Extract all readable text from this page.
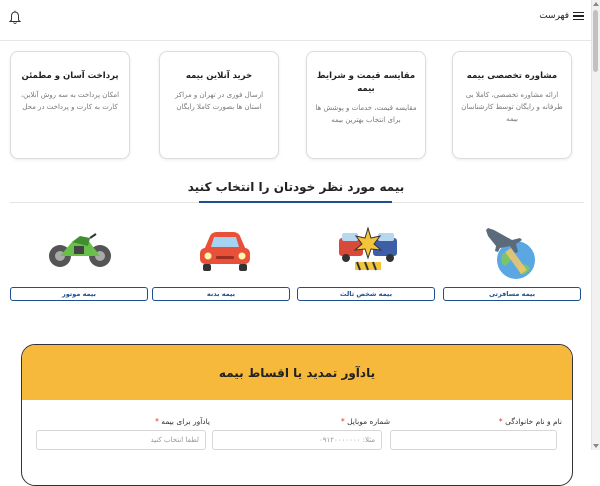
فهرست
مشاوره تخصصی بیمه
ارائه مشاوره تخصصی، کاملا بی طرفانه و رایگان توسط کارشناسان بیمه
مقایسه قیمت و شرایط بیمه
مقایسه قیمت، خدمات و پوشش ها برای انتخاب بهترین بیمه
خرید آنلاین بیمه
ارسال فوری در تهران و مراکز استان ها بصورت کاملا رایگان
پرداخت آسان و مطمئن
امکان پرداخت به سه روش آنلاین، کارت به کارت و پرداخت در محل
بیمه مورد نظر خودتان را انتخاب کنید
بیمه مسافرتی
بیمه شخص ثالث
بیمه بدنه
بیمه موتور
یادآور تمدید یا اقساط بیمه
نام و نام خانوادگی *
شماره موبایل *
یادآور برای بیمه *
مثلا: ۰۹۱۲۰۰۰۰۰۰۰
لطفا انتخاب کنید
